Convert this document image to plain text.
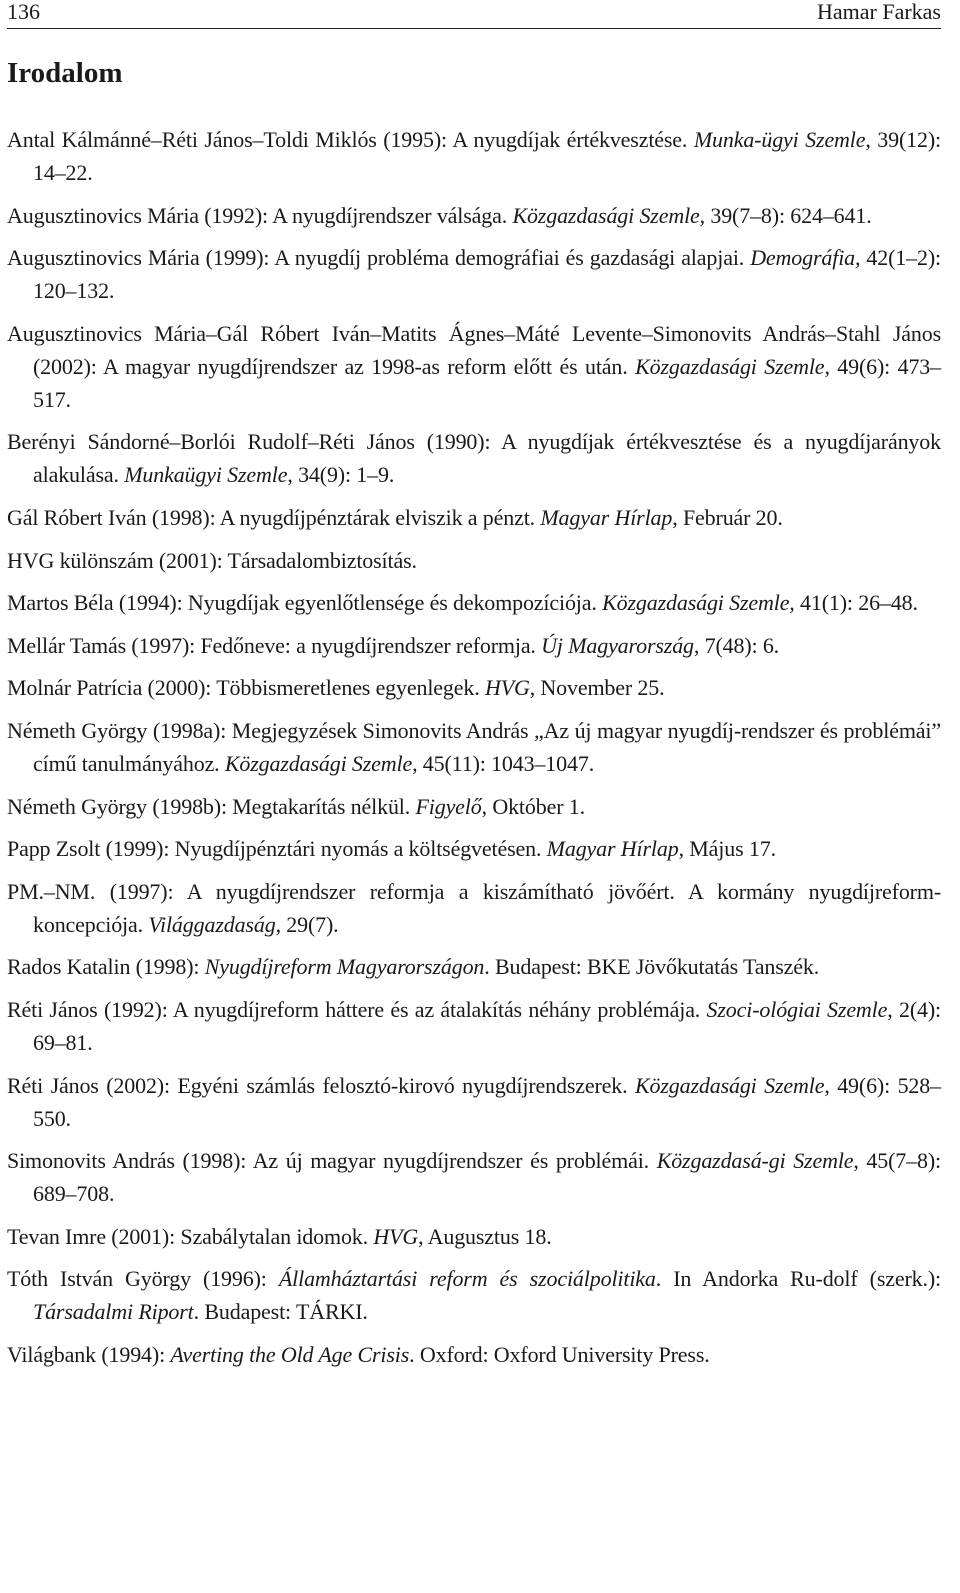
136	Hamar Farkas
Irodalom

Antal Kálmánné–Réti János–Toldi Miklós (1995): A nyugdíjak értékvesztése. Munka-ügyi Szemle, 39(12): 14–22.

Augusztinovics Mária (1992): A nyugdíjrendszer válsága. Közgazdasági Szemle, 39(7–8): 624–641.

Augusztinovics Mária (1999): A nyugdíj probléma demográfiai és gazdasági alapjai. Demográfia, 42(1–2): 120–132.

Augusztinovics Mária–Gál Róbert Iván–Matits Ágnes–Máté Levente–Simonovits András–Stahl János (2002): A magyar nyugdíjrendszer az 1998-as reform előtt és után. Közgazdasági Szemle, 49(6): 473–517.

Berényi Sándorné–Borlói Rudolf–Réti János (1990): A nyugdíjak értékvesztése és a nyugdíjarányok alakulása. Munkaügyi Szemle, 34(9): 1–9.

Gál Róbert Iván (1998): A nyugdíjpénztárak elviszik a pénzt. Magyar Hírlap, Február 20.

HVG különszám (2001): Társadalombiztosítás.

Martos Béla (1994): Nyugdíjak egyenlőtlensége és dekompozíciója. Közgazdasági Szemle, 41(1): 26–48.

Mellár Tamás (1997): Fedőneve: a nyugdíjrendszer reformja. Új Magyarország, 7(48): 6.

Molnár Patrícia (2000): Többismeretlenes egyenlegek. HVG, November 25.

Németh György (1998a): Megjegyzések Simonovits András „Az új magyar nyugdíj-rendszer és problémái” című tanulmányához. Közgazdasági Szemle, 45(11): 1043–1047.

Németh György (1998b): Megtakarítás nélkül. Figyelő, Október 1.

Papp Zsolt (1999): Nyugdíjpénztári nyomás a költségvetésen. Magyar Hírlap, Május 17.

PM.–NM. (1997): A nyugdíjrendszer reformja a kiszámítható jövőért. A kormány nyugdíjreform-koncepciója. Világgazdaság, 29(7).

Rados Katalin (1998): Nyugdíjreform Magyarországon. Budapest: BKE Jövőkutatás Tanszék.

Réti János (1992): A nyugdíjreform háttere és az átalakítás néhány problémája. Szoci-ológiai Szemle, 2(4): 69–81.

Réti János (2002): Egyéni számlás felosztó-kirovó nyugdíjrendszerek. Közgazdasági Szemle, 49(6): 528–550.

Simonovits András (1998): Az új magyar nyugdíjrendszer és problémái. Közgazdasá-gi Szemle, 45(7–8): 689–708.

Tevan Imre (2001): Szabálytalan idomok. HVG, Augusztus 18.

Tóth István György (1996): Államháztartási reform és szociálpolitika. In Andorka Ru-dolf (szerk.): Társadalmi Riport. Budapest: TÁRKI.

Világbank (1994): Averting the Old Age Crisis. Oxford: Oxford University Press.
